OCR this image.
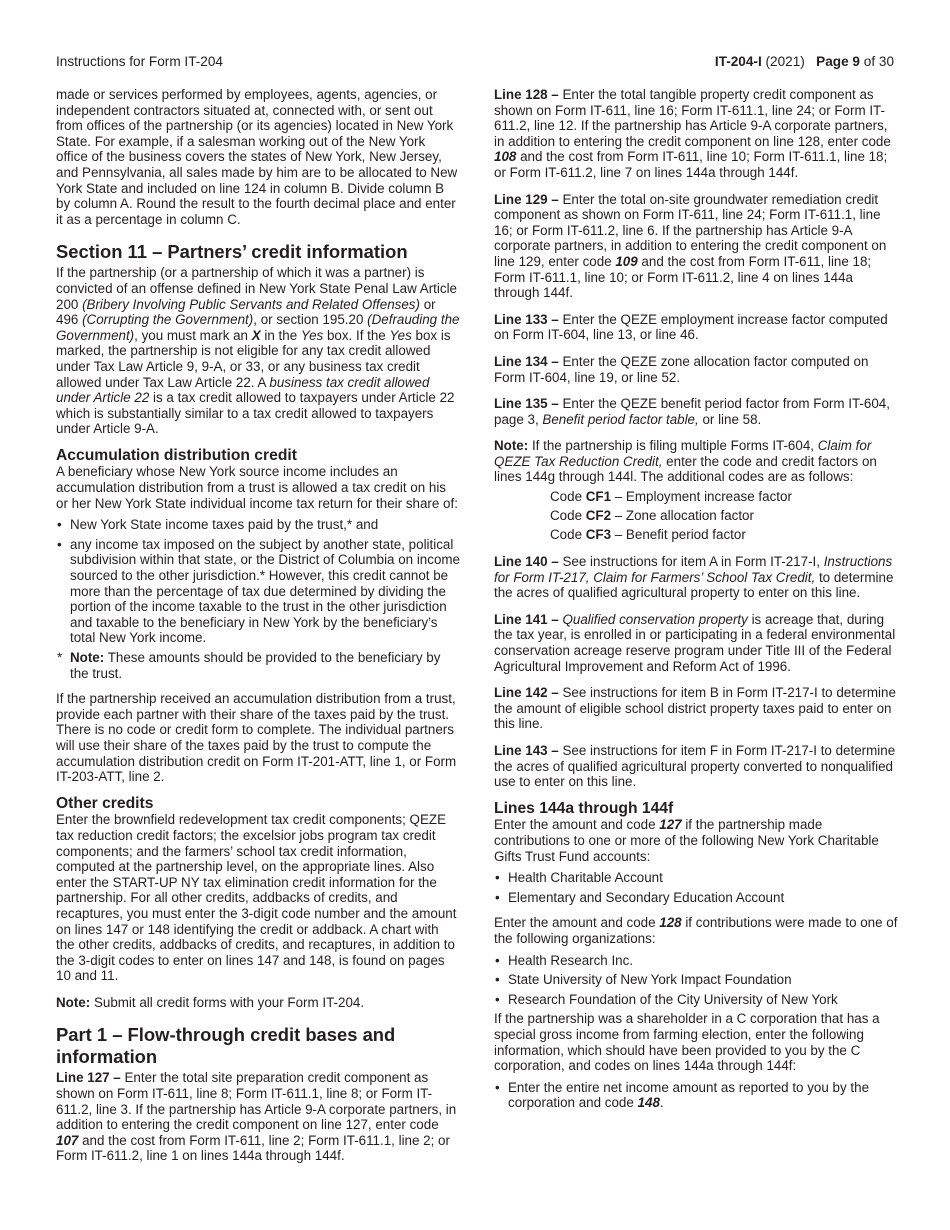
Instructions for Form IT-204	IT-204-I (2021) Page 9 of 30

made or services performed by employees, agents, agencies, or independent contractors situated at, connected with, or sent out from offices of the partnership (or its agencies) located in New York State. For example, if a salesman working out of the New York office of the business covers the states of New York, New Jersey, and Pennsylvania, all sales made by him are to be allocated to New York State and included on line 124 in column B. Divide column B by column A. Round the result to the fourth decimal place and enter it as a percentage in column C.

Section 11 – Partners’ credit information

If the partnership (or a partnership of which it was a partner) is convicted of an offense defined in New York State Penal Law Article 200 (Bribery Involving Public Servants and Related Offenses) or 496 (Corrupting the Government), or section 195.20 (Defrauding the Government), you must mark an X in the Yes box. If the Yes box is marked, the partnership is not eligible for any tax credit allowed under Tax Law Article 9, 9-A, or 33, or any business tax credit allowed under Tax Law Article 22. A business tax credit allowed under Article 22 is a tax credit allowed to taxpayers under Article 22 which is substantially similar to a tax credit allowed to taxpayers under Article 9-A.

Accumulation distribution credit

A beneficiary whose New York source income includes an accumulation distribution from a trust is allowed a tax credit on his or her New York State individual income tax return for their share of:

• New York State income taxes paid by the trust,* and
• any income tax imposed on the subject by another state, political subdivision within that state, or the District of Columbia on income sourced to the other jurisdiction.* However, this credit cannot be more than the percentage of tax due determined by dividing the portion of the income taxable to the trust in the other jurisdiction and taxable to the beneficiary in New York by the beneficiary’s total New York income.
* Note: These amounts should be provided to the beneficiary by the trust.

If the partnership received an accumulation distribution from a trust, provide each partner with their share of the taxes paid by the trust. There is no code or credit form to complete. The individual partners will use their share of the taxes paid by the trust to compute the accumulation distribution credit on Form IT-201-ATT, line 1, or Form IT-203-ATT, line 2.

Other credits

Enter the brownfield redevelopment tax credit components; QEZE tax reduction credit factors; the excelsior jobs program tax credit components; and the farmers’ school tax credit information, computed at the partnership level, on the appropriate lines. Also enter the START-UP NY tax elimination credit information for the partnership. For all other credits, addbacks of credits, and recaptures, you must enter the 3-digit code number and the amount on lines 147 or 148 identifying the credit or addback. A chart with the other credits, addbacks of credits, and recaptures, in addition to the 3-digit codes to enter on lines 147 and 148, is found on pages 10 and 11.

Note: Submit all credit forms with your Form IT-204.

Part 1 – Flow-through credit bases and information

Line 127 – Enter the total site preparation credit component as shown on Form IT-611, line 8; Form IT-611.1, line 8; or Form IT-611.2, line 3. If the partnership has Article 9-A corporate partners, in addition to entering the credit component on line 127, enter code 107 and the cost from Form IT-611, line 2; Form IT-611.1, line 2; or Form IT-611.2, line 1 on lines 144a through 144f.

Line 128 – Enter the total tangible property credit component as shown on Form IT-611, line 16; Form IT-611.1, line 24; or Form IT-611.2, line 12. If the partnership has Article 9-A corporate partners, in addition to entering the credit component on line 128, enter code 108 and the cost from Form IT-611, line 10; Form IT-611.1, line 18; or Form IT-611.2, line 7 on lines 144a through 144f.

Line 129 – Enter the total on-site groundwater remediation credit component as shown on Form IT-611, line 24; Form IT-611.1, line 16; or Form IT-611.2, line 6. If the partnership has Article 9-A corporate partners, in addition to entering the credit component on line 129, enter code 109 and the cost from Form IT-611, line 18; Form IT-611.1, line 10; or Form IT-611.2, line 4 on lines 144a through 144f.

Line 133 – Enter the QEZE employment increase factor computed on Form IT-604, line 13, or line 46.

Line 134 – Enter the QEZE zone allocation factor computed on Form IT-604, line 19, or line 52.

Line 135 – Enter the QEZE benefit period factor from Form IT-604, page 3, Benefit period factor table, or line 58.

Note: If the partnership is filing multiple Forms IT-604, Claim for QEZE Tax Reduction Credit, enter the code and credit factors on lines 144g through 144l. The additional codes are as follows:

Code CF1 – Employment increase factor
Code CF2 – Zone allocation factor
Code CF3 – Benefit period factor

Line 140 – See instructions for item A in Form IT-217-I, Instructions for Form IT-217, Claim for Farmers’ School Tax Credit, to determine the acres of qualified agricultural property to enter on this line.

Line 141 – Qualified conservation property is acreage that, during the tax year, is enrolled in or participating in a federal environmental conservation acreage reserve program under Title III of the Federal Agricultural Improvement and Reform Act of 1996.

Line 142 – See instructions for item B in Form IT-217-I to determine the amount of eligible school district property taxes paid to enter on this line.

Line 143 – See instructions for item F in Form IT-217-I to determine the acres of qualified agricultural property converted to nonqualified use to enter on this line.

Lines 144a through 144f

Enter the amount and code 127 if the partnership made contributions to one or more of the following New York Charitable Gifts Trust Fund accounts:

• Health Charitable Account
• Elementary and Secondary Education Account

Enter the amount and code 128 if contributions were made to one of the following organizations:

• Health Research Inc.
• State University of New York Impact Foundation
• Research Foundation of the City University of New York

If the partnership was a shareholder in a C corporation that has a special gross income from farming election, enter the following information, which should have been provided to you by the C corporation, and codes on lines 144a through 144f:

• Enter the entire net income amount as reported to you by the corporation and code 148.
